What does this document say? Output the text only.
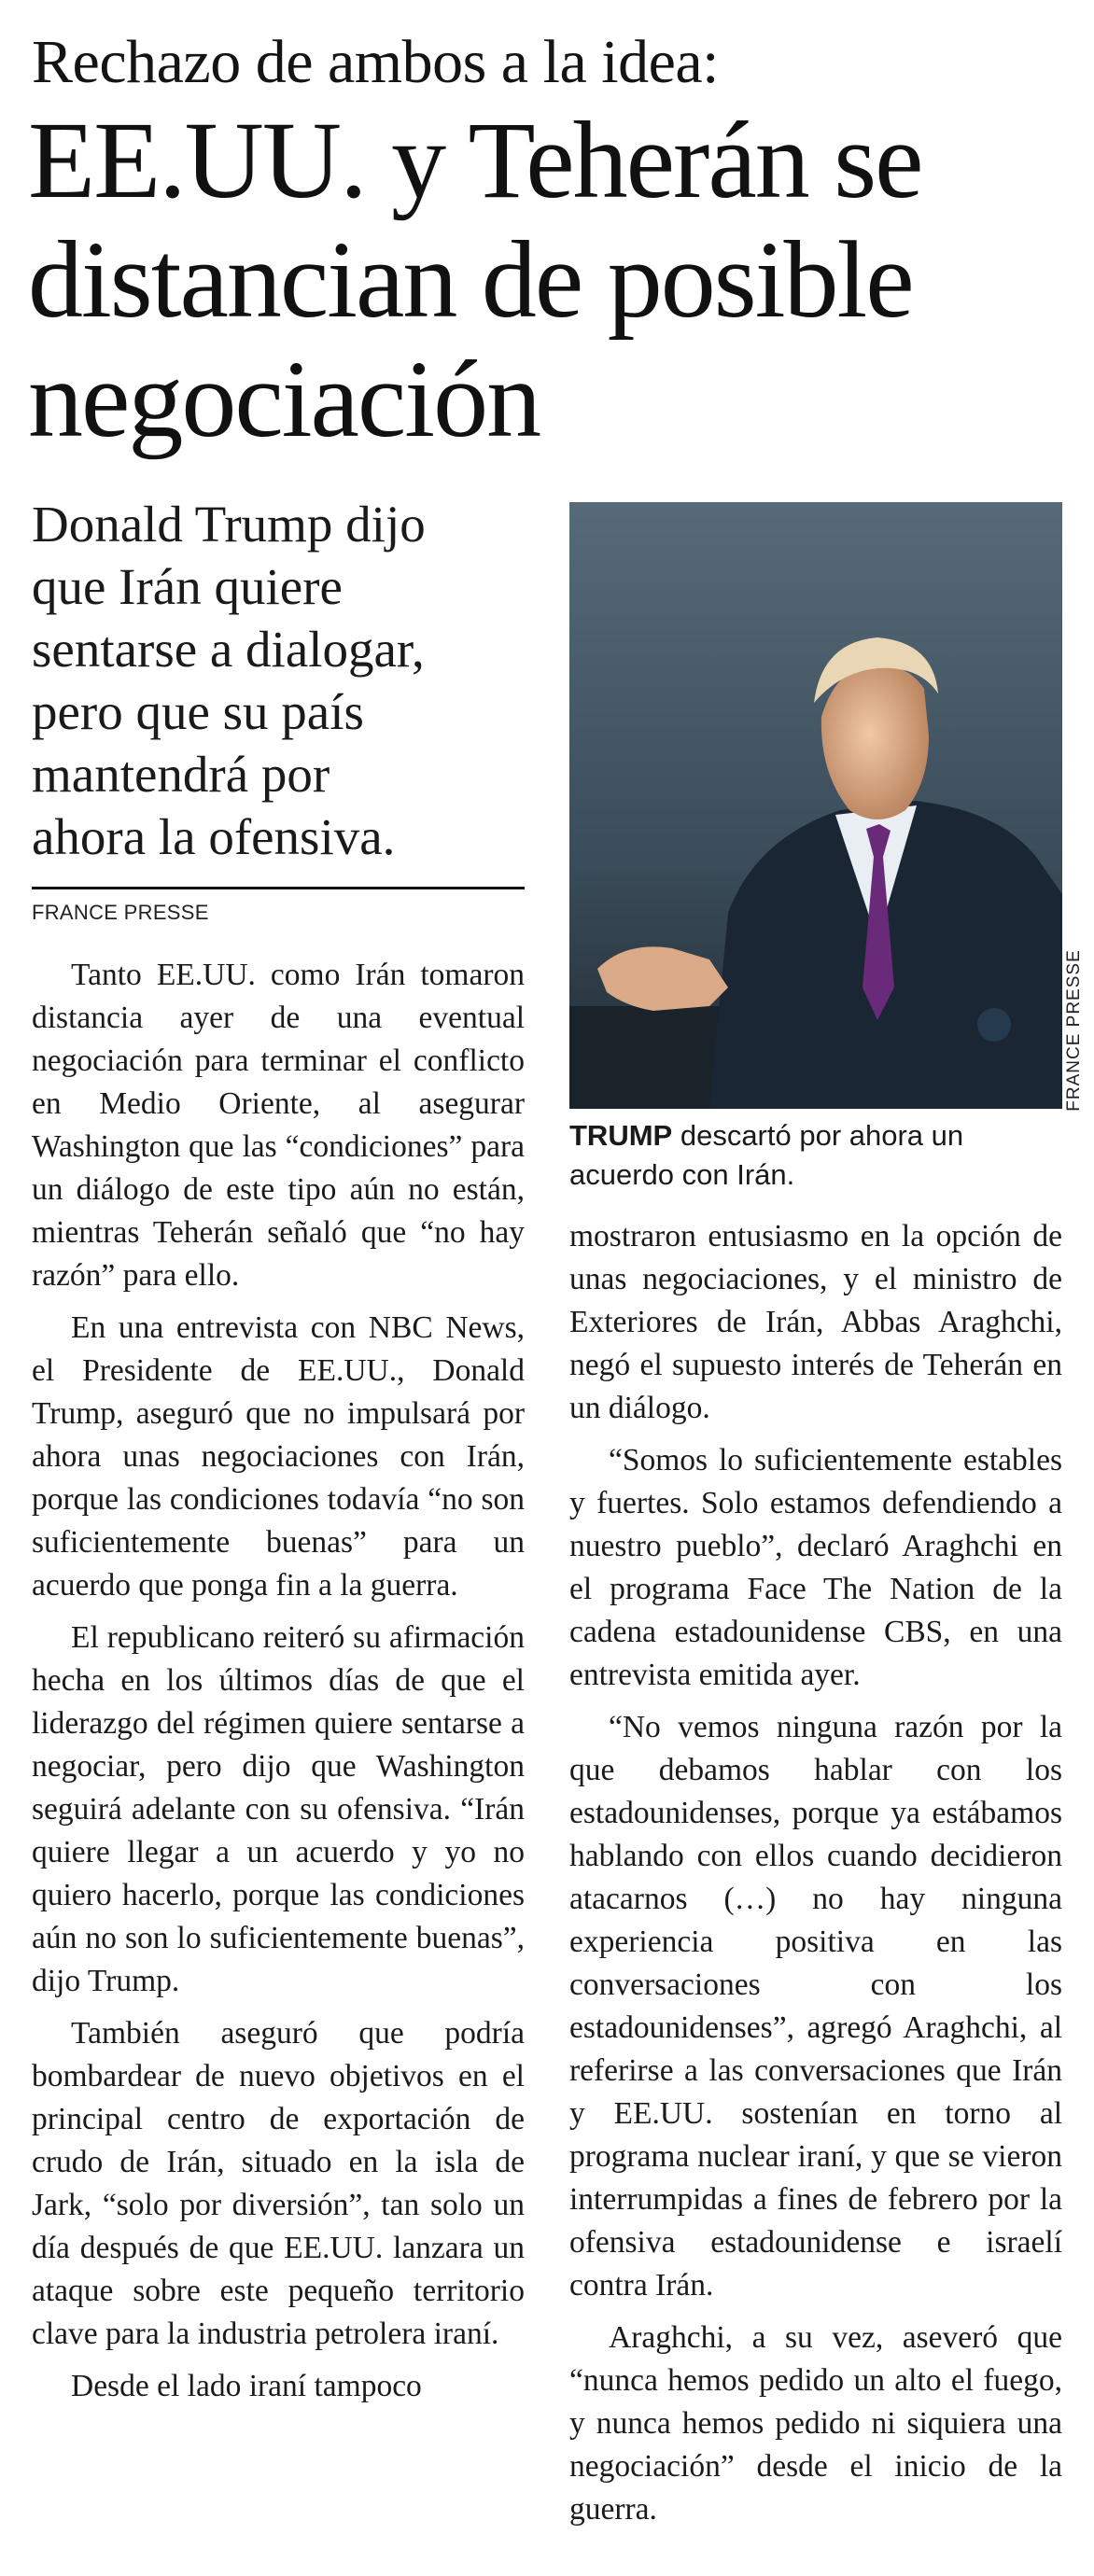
Rechazo de ambos a la idea:
EE.UU. y Teherán se
distancian de posible
negociación
Donald Trump dijo
que Irán quiere
sentarse a dialogar,
pero que su país
mantendrá por
ahora la ofensiva.
FRANCE PRESSE
FRANCE PRESSE
TRUMP descartó por ahora un acuerdo con Irán.

Tanto EE.UU. como Irán tomaron distancia ayer de una eventual negociación para terminar el conflicto en Medio Oriente, al asegurar Washington que las “condiciones” para un diálogo de este tipo aún no están, mientras Teherán señaló que “no hay razón” para ello.

En una entrevista con NBC News, el Presidente de EE.UU., Donald Trump, aseguró que no impulsará por ahora unas negociaciones con Irán, porque las condiciones todavía “no son suficientemente buenas” para un acuerdo que ponga fin a la guerra.

El republicano reiteró su afirmación hecha en los últimos días de que el liderazgo del régimen quiere sentarse a negociar, pero dijo que Washington seguirá adelante con su ofensiva. “Irán quiere llegar a un acuerdo y yo no quiero hacerlo, porque las condiciones aún no son lo suficientemente buenas”, dijo Trump.

También aseguró que podría bombardear de nuevo objetivos en el principal centro de exportación de crudo de Irán, situado en la isla de Jark, “solo por diversión”, tan solo un día después de que EE.UU. lanzara un ataque sobre este pequeño territorio clave para la industria petrolera iraní.

Desde el lado iraní tampoco

mostraron entusiasmo en la opción de unas negociaciones, y el ministro de Exteriores de Irán, Abbas Araghchi, negó el supuesto interés de Teherán en un diálogo.

“Somos lo suficientemente estables y fuertes. Solo estamos defendiendo a nuestro pueblo”, declaró Araghchi en el programa Face The Nation de la cadena estadounidense CBS, en una entrevista emitida ayer.

“No vemos ninguna razón por la que debamos hablar con los estadounidenses, porque ya estábamos hablando con ellos cuando decidieron atacarnos (…) no hay ninguna experiencia positiva en las conversaciones con los estadounidenses”, agregó Araghchi, al referirse a las conversaciones que Irán y EE.UU. sostenían en torno al programa nuclear iraní, y que se vieron interrumpidas a fines de febrero por la ofensiva estadounidense e israelí contra Irán.

Araghchi, a su vez, aseveró que “nunca hemos pedido un alto el fuego, y nunca hemos pedido ni siquiera una negociación” desde el inicio de la guerra.
